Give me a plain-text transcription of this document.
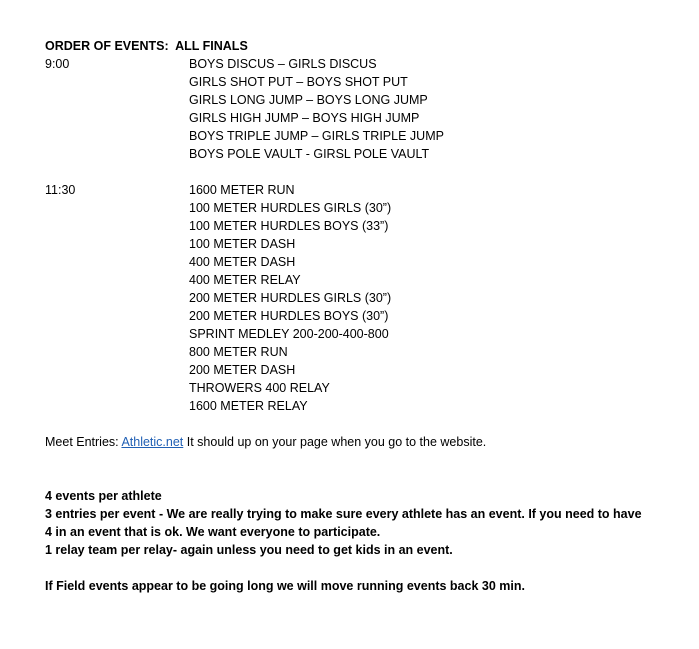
ORDER OF EVENTS:  ALL FINALS
9:00	BOYS DISCUS – GIRLS DISCUS
GIRLS SHOT PUT – BOYS SHOT PUT
GIRLS LONG JUMP – BOYS LONG JUMP
GIRLS HIGH JUMP – BOYS HIGH JUMP
BOYS TRIPLE JUMP – GIRLS TRIPLE JUMP
BOYS POLE VAULT - GIRSL POLE VAULT
11:30	1600 METER RUN
100 METER HURDLES GIRLS (30”)
100 METER HURDLES BOYS (33”)
100 METER DASH
400 METER DASH
400 METER RELAY
200 METER HURDLES GIRLS (30”)
200 METER HURDLES BOYS (30”)
SPRINT MEDLEY 200-200-400-800
800 METER RUN
200 METER DASH
THROWERS 400 RELAY
1600 METER RELAY
Meet Entries: Athletic.net It should up on your page when you go to the website.
4 events per athlete
3 entries per event - We are really trying to make sure every athlete has an event. If you need to have
4 in an event that is ok. We want everyone to participate.
1 relay team per relay- again unless you need to get kids in an event.
If Field events appear to be going long we will move running events back 30 min.
